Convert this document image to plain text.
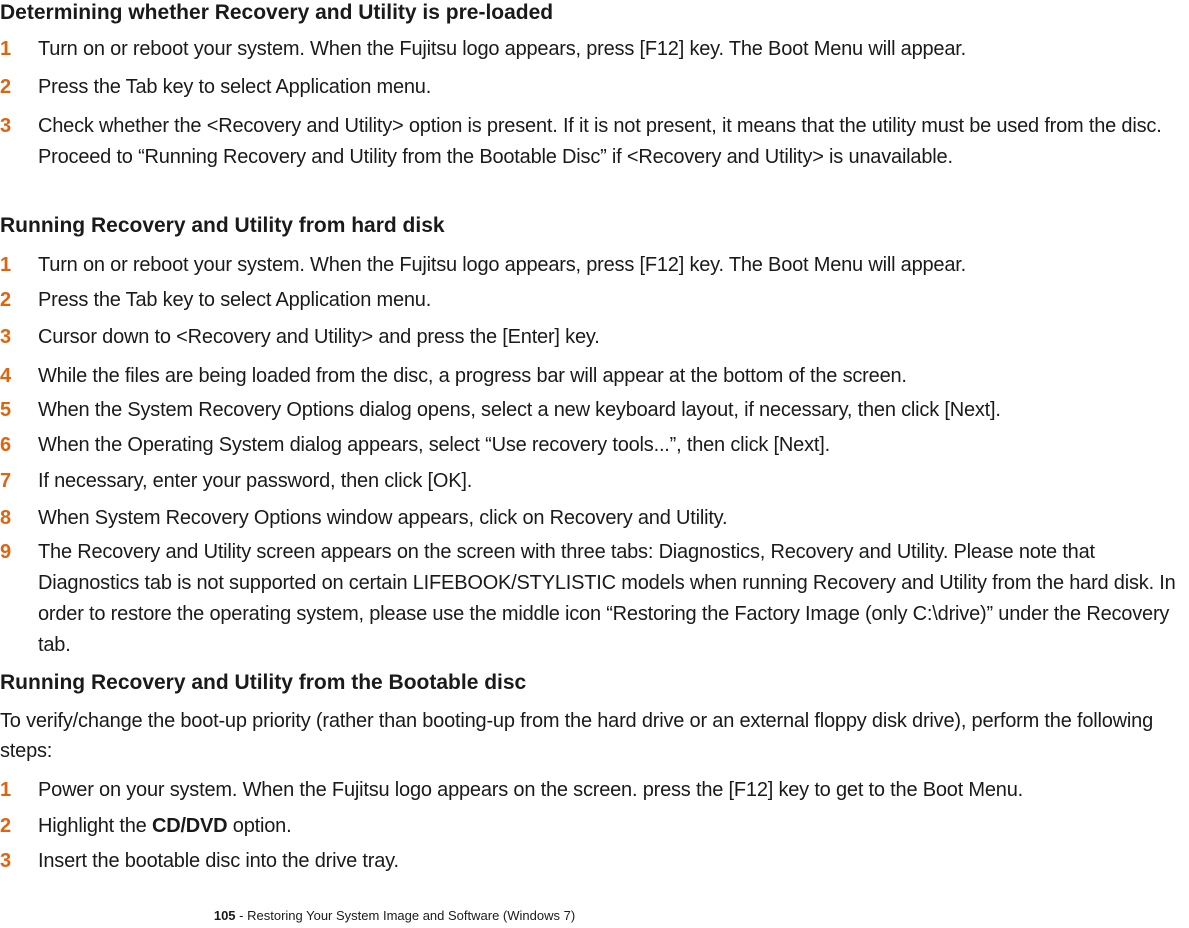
Determining whether Recovery and Utility is pre-loaded
1	Turn on or reboot your system. When the Fujitsu logo appears, press [F12] key. The Boot Menu will appear.
2	Press the Tab key to select Application menu.
3	Check whether the <Recovery and Utility> option is present. If it is not present, it means that the utility must be used from the disc. Proceed to “Running Recovery and Utility from the Bootable Disc” if <Recovery and Utility> is unavailable.
Running Recovery and Utility from hard disk
1	Turn on or reboot your system. When the Fujitsu logo appears, press [F12] key. The Boot Menu will appear.
2	Press the Tab key to select Application menu.
3	Cursor down to <Recovery and Utility> and press the [Enter] key.
4	While the files are being loaded from the disc, a progress bar will appear at the bottom of the screen.
5	When the System Recovery Options dialog opens, select a new keyboard layout, if necessary, then click [Next].
6	When the Operating System dialog appears, select “Use recovery tools...”, then click [Next].
7	If necessary, enter your password, then click [OK].
8	When System Recovery Options window appears, click on Recovery and Utility.
9	The Recovery and Utility screen appears on the screen with three tabs: Diagnostics, Recovery and Utility. Please note that Diagnostics tab is not supported on certain LIFEBOOK/STYLISTIC models when running Recovery and Utility from the hard disk. In order to restore the operating system, please use the middle icon “Restoring the Factory Image (only C:\drive)” under the Recovery tab.
Running Recovery and Utility from the Bootable disc
To verify/change the boot-up priority (rather than booting-up from the hard drive or an external floppy disk drive), perform the following steps:
1	Power on your system. When the Fujitsu logo appears on the screen. press the [F12] key to get to the Boot Menu.
2	Highlight the CD/DVD option.
3	Insert the bootable disc into the drive tray.
105 - Restoring Your System Image and Software (Windows 7)
